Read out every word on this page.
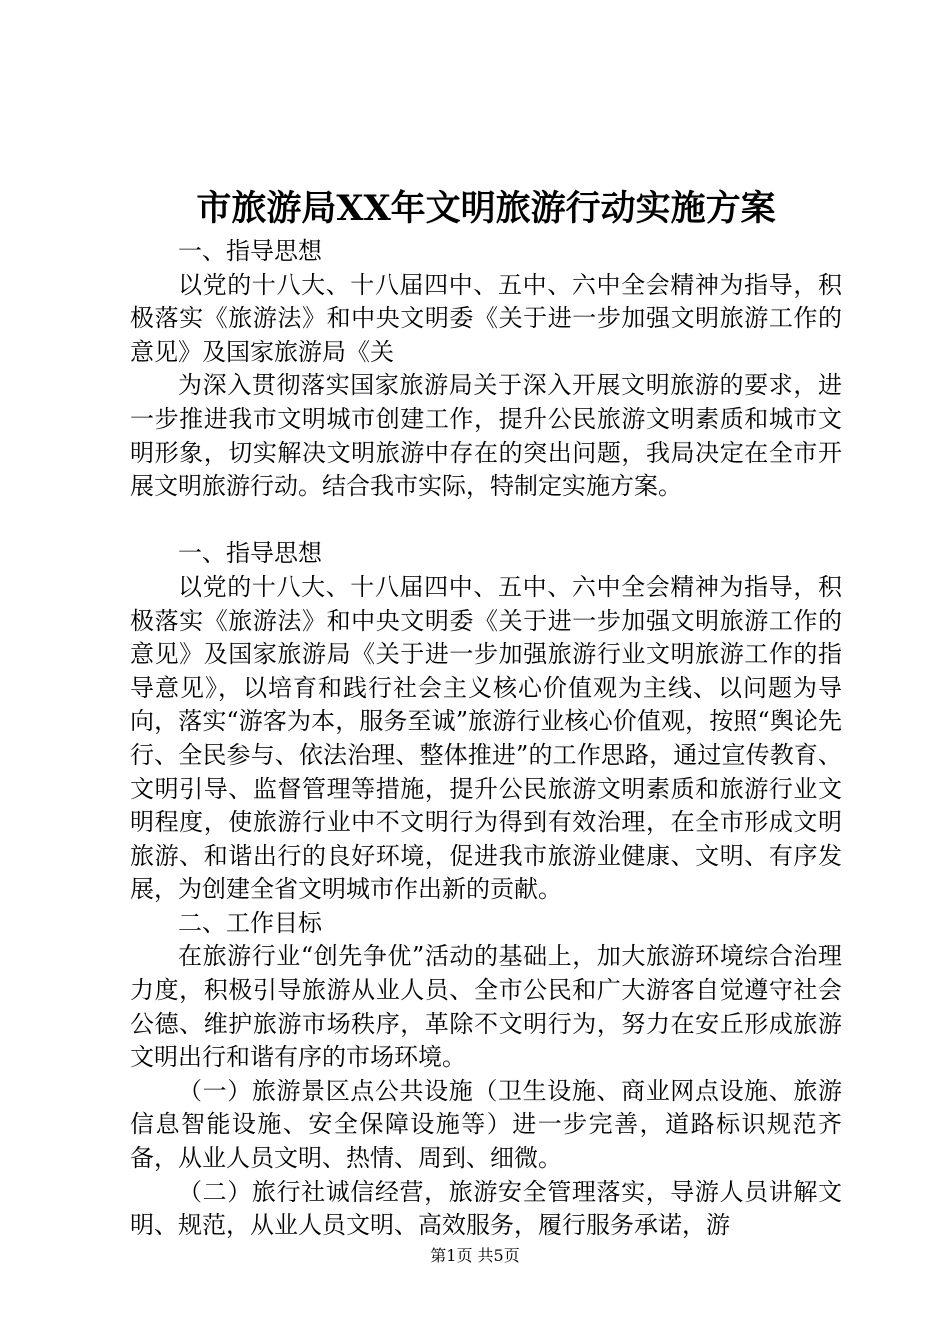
市旅游局XX年文明旅游行动实施方案

一、指导思想

以党的十八大、十八届四中、五中、六中全会精神为指导，积极落实《旅游法》和中央文明委《关于进一步加强文明旅游工作的意见》及国家旅游局《关

为深入贯彻落实国家旅游局关于深入开展文明旅游的要求，进一步推进我市文明城市创建工作，提升公民旅游文明素质和城市文明形象，切实解决文明旅游中存在的突出问题，我局决定在全市开展文明旅游行动。结合我市实际，特制定实施方案。

一、指导思想

以党的十八大、十八届四中、五中、六中全会精神为指导，积极落实《旅游法》和中央文明委《关于进一步加强文明旅游工作的意见》及国家旅游局《关于进一步加强旅游行业文明旅游工作的指导意见》，以培育和践行社会主义核心价值观为主线、以问题为导向，落实“游客为本，服务至诚”旅游行业核心价值观，按照“舆论先行、全民参与、依法治理、整体推进”的工作思路，通过宣传教育、文明引导、监督管理等措施，提升公民旅游文明素质和旅游行业文明程度，使旅游行业中不文明行为得到有效治理，在全市形成文明旅游、和谐出行的良好环境，促进我市旅游业健康、文明、有序发展，为创建全省文明城市作出新的贡献。

二、工作目标

在旅游行业“创先争优”活动的基础上，加大旅游环境综合治理力度，积极引导旅游从业人员、全市公民和广大游客自觉遵守社会公德、维护旅游市场秩序，革除不文明行为，努力在安丘形成旅游文明出行和谐有序的市场环境。

（一）旅游景区点公共设施（卫生设施、商业网点设施、旅游信息智能设施、安全保障设施等）进一步完善，道路标识规范齐备，从业人员文明、热情、周到、细微。

（二）旅行社诚信经营，旅游安全管理落实，导游人员讲解文明、规范，从业人员文明、高效服务，履行服务承诺，游

第1页 共5页
